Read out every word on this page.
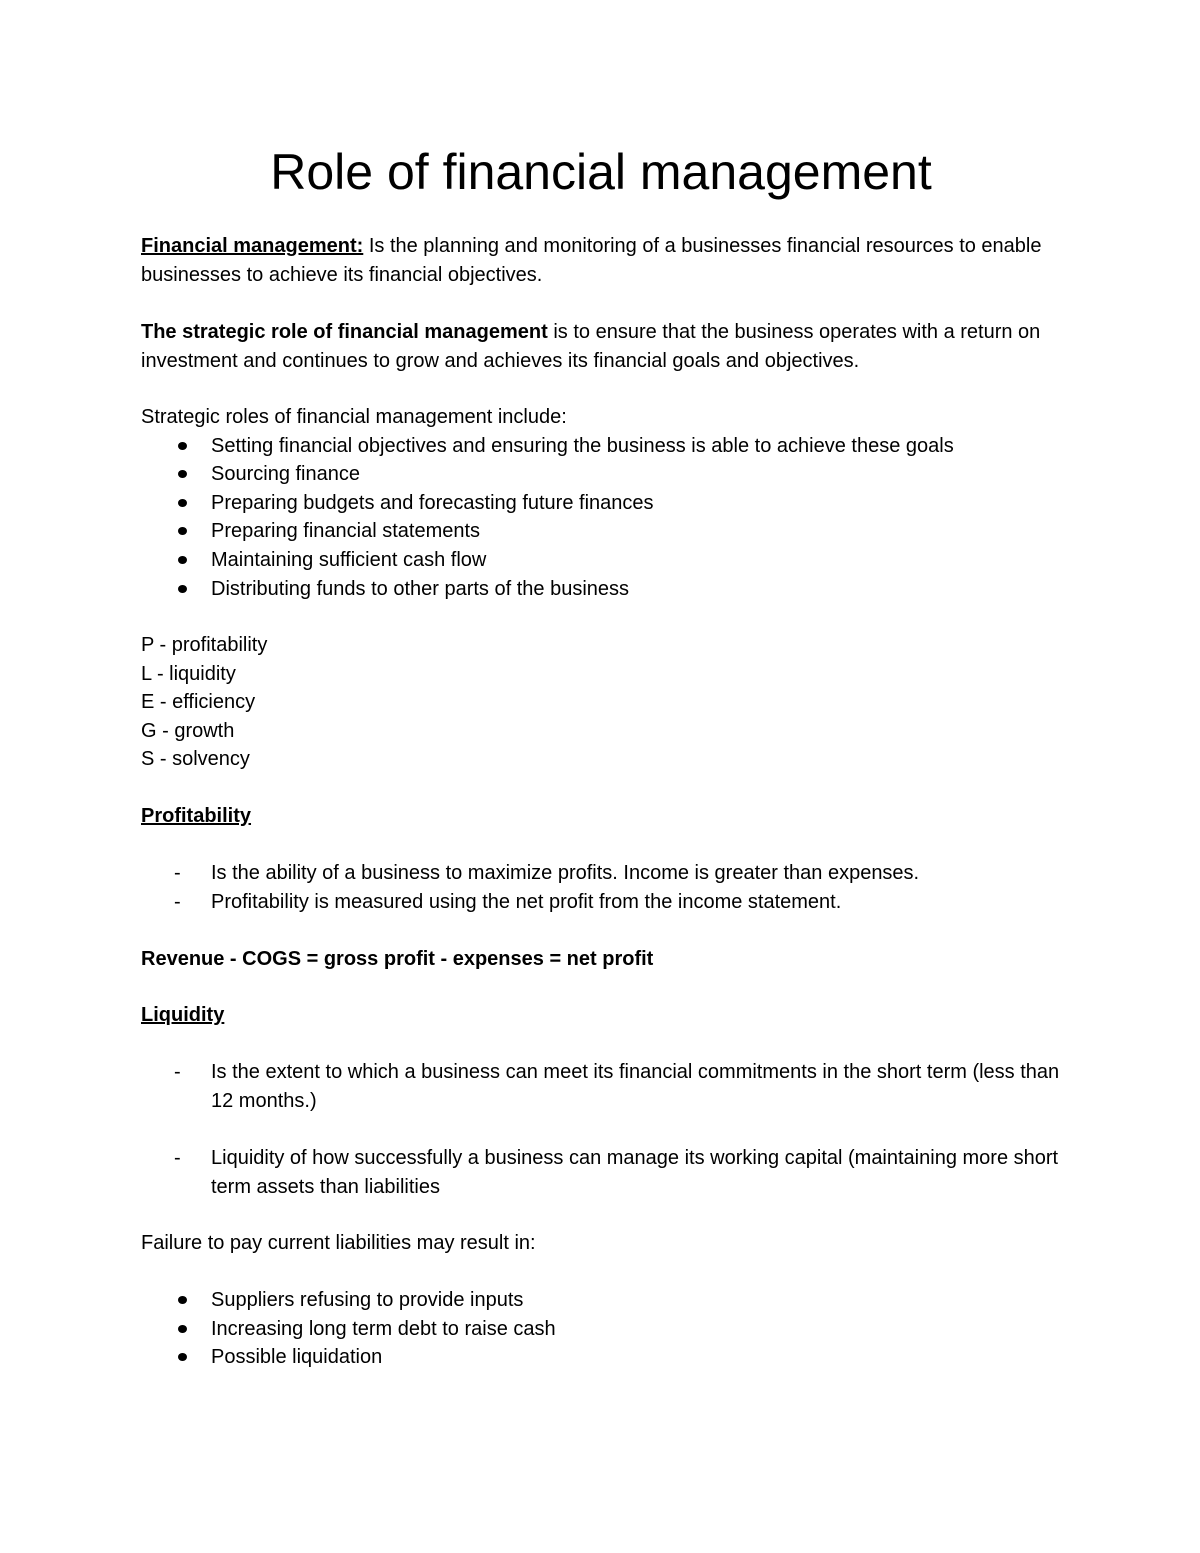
Role of financial management

Financial management: Is the planning and monitoring of a businesses financial resources to enable businesses to achieve its financial objectives.

The strategic role of financial management is to ensure that the business operates with a return on investment and continues to grow and achieves its financial goals and objectives.

Strategic roles of financial management include:
Setting financial objectives and ensuring the business is able to achieve these goals
Sourcing finance
Preparing budgets and forecasting future finances
Preparing financial statements
Maintaining sufficient cash flow
Distributing funds to other parts of the business
P - profitability
L - liquidity
E - efficiency
G - growth
S - solvency
Profitability
- Is the ability of a business to maximize profits. Income is greater than expenses.
- Profitability is measured using the net profit from the income statement.

Revenue - COGS = gross profit - expenses = net profit

Liquidity
- Is the extent to which a business can meet its financial commitments in the short term (less than 12 months.)
- Liquidity of how successfully a business can manage its working capital (maintaining more short term assets than liabilities
Failure to pay current liabilities may result in:
Suppliers refusing to provide inputs
Increasing long term debt to raise cash
Possible liquidation
